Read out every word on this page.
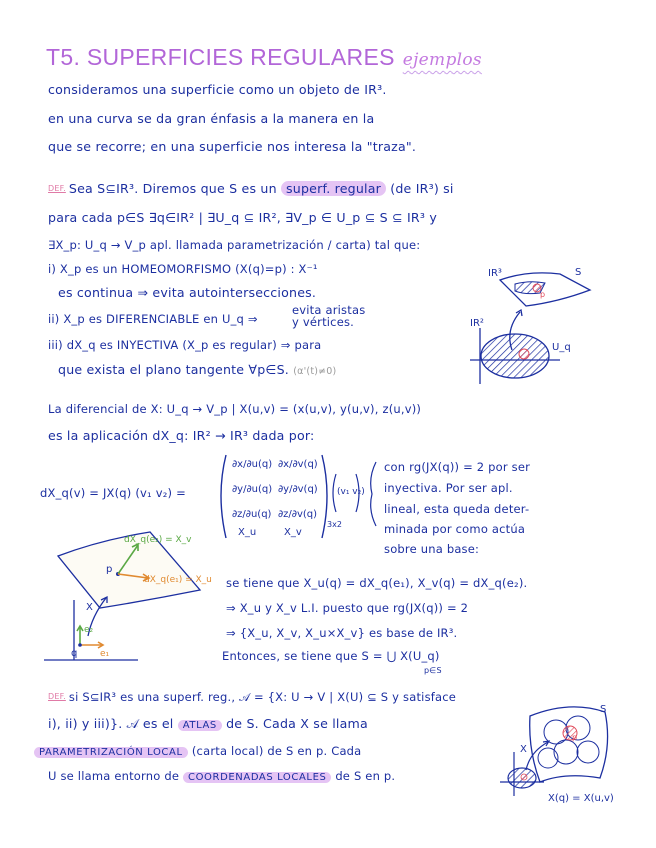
T5. SUPERFICIES REGULARES ejemplos
consideramos una superficie como un objeto de IR³.
en una curva se da gran énfasis a la manera en la
que se recorre; en una superficie nos interesa la "traza".
DEF. Sea S⊆IR³. Diremos que S es un superf. regular (de IR³) si
para cada p∈S ∃q∈IR² | ∃U_q ⊆ IR², ∃V_p ∈ U_p ⊆ S ⊆ IR³ y
∃X_p: U_q → V_p apl. llamada parametrización / carta) tal que:
i) X_p es un HOMEOMORFISMO (X(q)=p) : X⁻¹
es continua ⇒ evita autointersecciones.
ii) X_p es DIFERENCIABLE en U_q ⇒
evita aristas
y vértices.
iii) dX_q es INYECTIVA (X_p es regular) ⇒ para
que exista el plano tangente ∀p∈S. (α'(t)≠0)
La diferencial de X: U_q → V_p | X(u,v) = (x(u,v), y(u,v), z(u,v))
es la aplicación dX_q: IR² → IR³ dada por:
dX_q(v) = JX(q) (v₁ v₂) =
∂x/∂u(q) ∂x/∂v(q)
∂y/∂u(q) ∂y/∂v(q)
∂z/∂u(q) ∂z/∂v(q)
X_u	X_v
3x2
(v₁ v₂)
con rg(JX(q)) = 2 por ser
inyectiva. Por ser apl.
lineal, esta queda deter-
minada por como actúa
sobre una base:
se tiene que X_u(q) = dX_q(e₁), X_v(q) = dX_q(e₂).
⇒ X_u y X_v L.I. puesto que rg(JX(q)) = 2
⇒ {X_u, X_v, X_u×X_v} es base de IR³.
Entonces, se tiene que S = ⋃ X(U_q)
p∈S
DEF. si S⊆IR³ es una superf. reg., 𝒜 = {X: U → V | X(U) ⊆ S y satisface
i), ii) y iii)}. 𝒜 es el ATLAS de S. Cada X se llama
PARAMETRIZACIÓN LOCAL (carta local) de S en p. Cada
U se llama entorno de COORDENADAS LOCALES de S en p.
IR³	S
p
IR²
U_q
p
dX_q(e₂) = X_v
dX_q(e₁) = X_u
X
e₂
e₁
q
S
p
X
X(q) = X(u,v)
